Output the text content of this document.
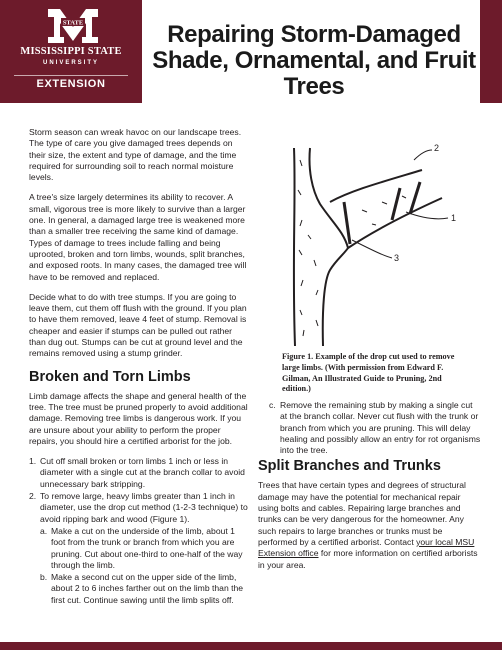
STATE
MISSISSIPPI STATE
UNIVERSITY
EXTENSION
Repairing Storm-Damaged Shade, Ornamental, and Fruit Trees

Storm season can wreak havoc on our landscape trees. The type of care you give damaged trees depends on their size, the extent and type of damage, and the time required for surrounding soil to reach normal moisture levels.

A tree's size largely determines its ability to recover. A small, vigorous tree is more likely to survive than a larger one. In general, a damaged large tree is weakened more than a smaller tree receiving the same kind of damage. Types of damage to trees include falling and being uprooted, broken and torn limbs, wounds, split branches, and exposed roots. In many cases, the damaged tree will have to be removed and replaced.

Decide what to do with tree stumps. If you are going to leave them, cut them off flush with the ground. If you plan to have them removed, leave 4 feet of stump. Removal is cheaper and easier if stumps can be pulled out rather than dug out. Stumps can be cut at ground level and the remains removed using a stump grinder.

Broken and Torn Limbs

Limb damage affects the shape and general health of the tree. The tree must be pruned properly to avoid additional damage. Removing tree limbs is dangerous work. If you are unsure about your ability to perform the proper repairs, you should hire a certified arborist for the job.

1. Cut off small broken or torn limbs 1 inch or less in diameter with a single cut at the branch collar to avoid unnecessary bark stripping.
2. To remove large, heavy limbs greater than 1 inch in diameter, use the drop cut method (1-2-3 technique) to avoid ripping bark and wood (Figure 1).
a. Make a cut on the underside of the limb, about 1 foot from the trunk or branch from which you are pruning. Cut about one-third to one-half of the way through the limb.
b. Make a second cut on the upper side of the limb, about 2 to 6 inches farther out on the limb than the first cut. Continue sawing until the limb splits off.
2
1
3
Figure 1. Example of the drop cut used to remove large limbs. (With permission from Edward F. Gilman, An Illustrated Guide to Pruning, 2nd edition.)
c. Remove the remaining stub by making a single cut at the branch collar. Never cut flush with the trunk or branch from which you are pruning. This will delay healing and possibly allow an entry for rot organisms into the tree.
Split Branches and Trunks

Trees that have certain types and degrees of structural damage may have the potential for mechanical repair using bolts and cables. Repairing large branches and trunks can be very dangerous for the homeowner. Any such repairs to large branches or trunks must be performed by a certified arborist. Contact your local MSU Extension office for more information on certified arborists in your area.
